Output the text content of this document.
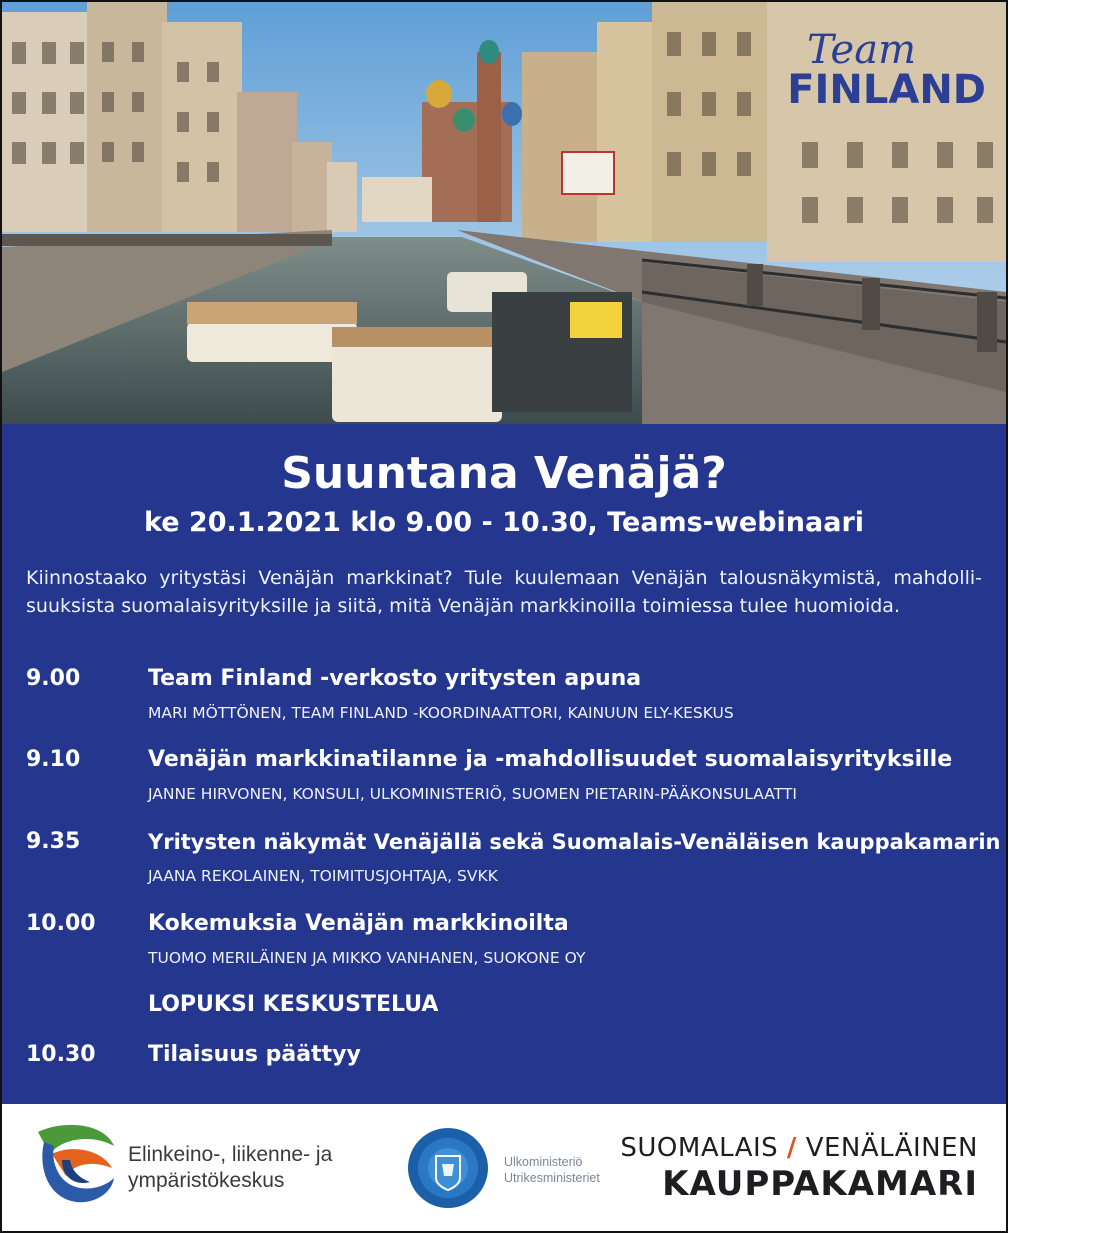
Team
FINLAND
Suuntana Venäjä?
ke 20.1.2021 klo 9.00 - 10.30, Teams-webinaari
Kiinnostaako yritystäsi Venäjän markkinat? Tule kuulemaan Venäjän talousnäkymistä, mahdolli-suuksista suomalaisyrityksille ja siitä, mitä Venäjän markkinoilla toimiessa tulee huomioida.
9.00	Team Finland -verkosto yritysten apuna
MARI MÖTTÖNEN, TEAM FINLAND -KOORDINAATTORI, KAINUUN ELY-KESKUS
9.10	Venäjän markkinatilanne ja -mahdollisuudet suomalaisyrityksille
JANNE HIRVONEN, KONSULI, ULKOMINISTERIÖ, SUOMEN PIETARIN-PÄÄKONSULAATTI
9.35	Yritysten näkymät Venäjällä sekä Suomalais-Venäläisen kauppakamarin palvelut
JAANA REKOLAINEN, TOIMITUSJOHTAJA, SVKK
10.00	Kokemuksia Venäjän markkinoilta
TUOMO MERILÄINEN JA MIKKO VANHANEN, SUOKONE OY
LOPUKSI KESKUSTELUA
10.30	Tilaisuus päättyy
Elinkeino-, liikenne- ja
ympäristökeskus
Ulkoministeriö
Utrikesministeriet
SUOMALAIS / VENÄLÄINEN
KAUPPAKAMARI
